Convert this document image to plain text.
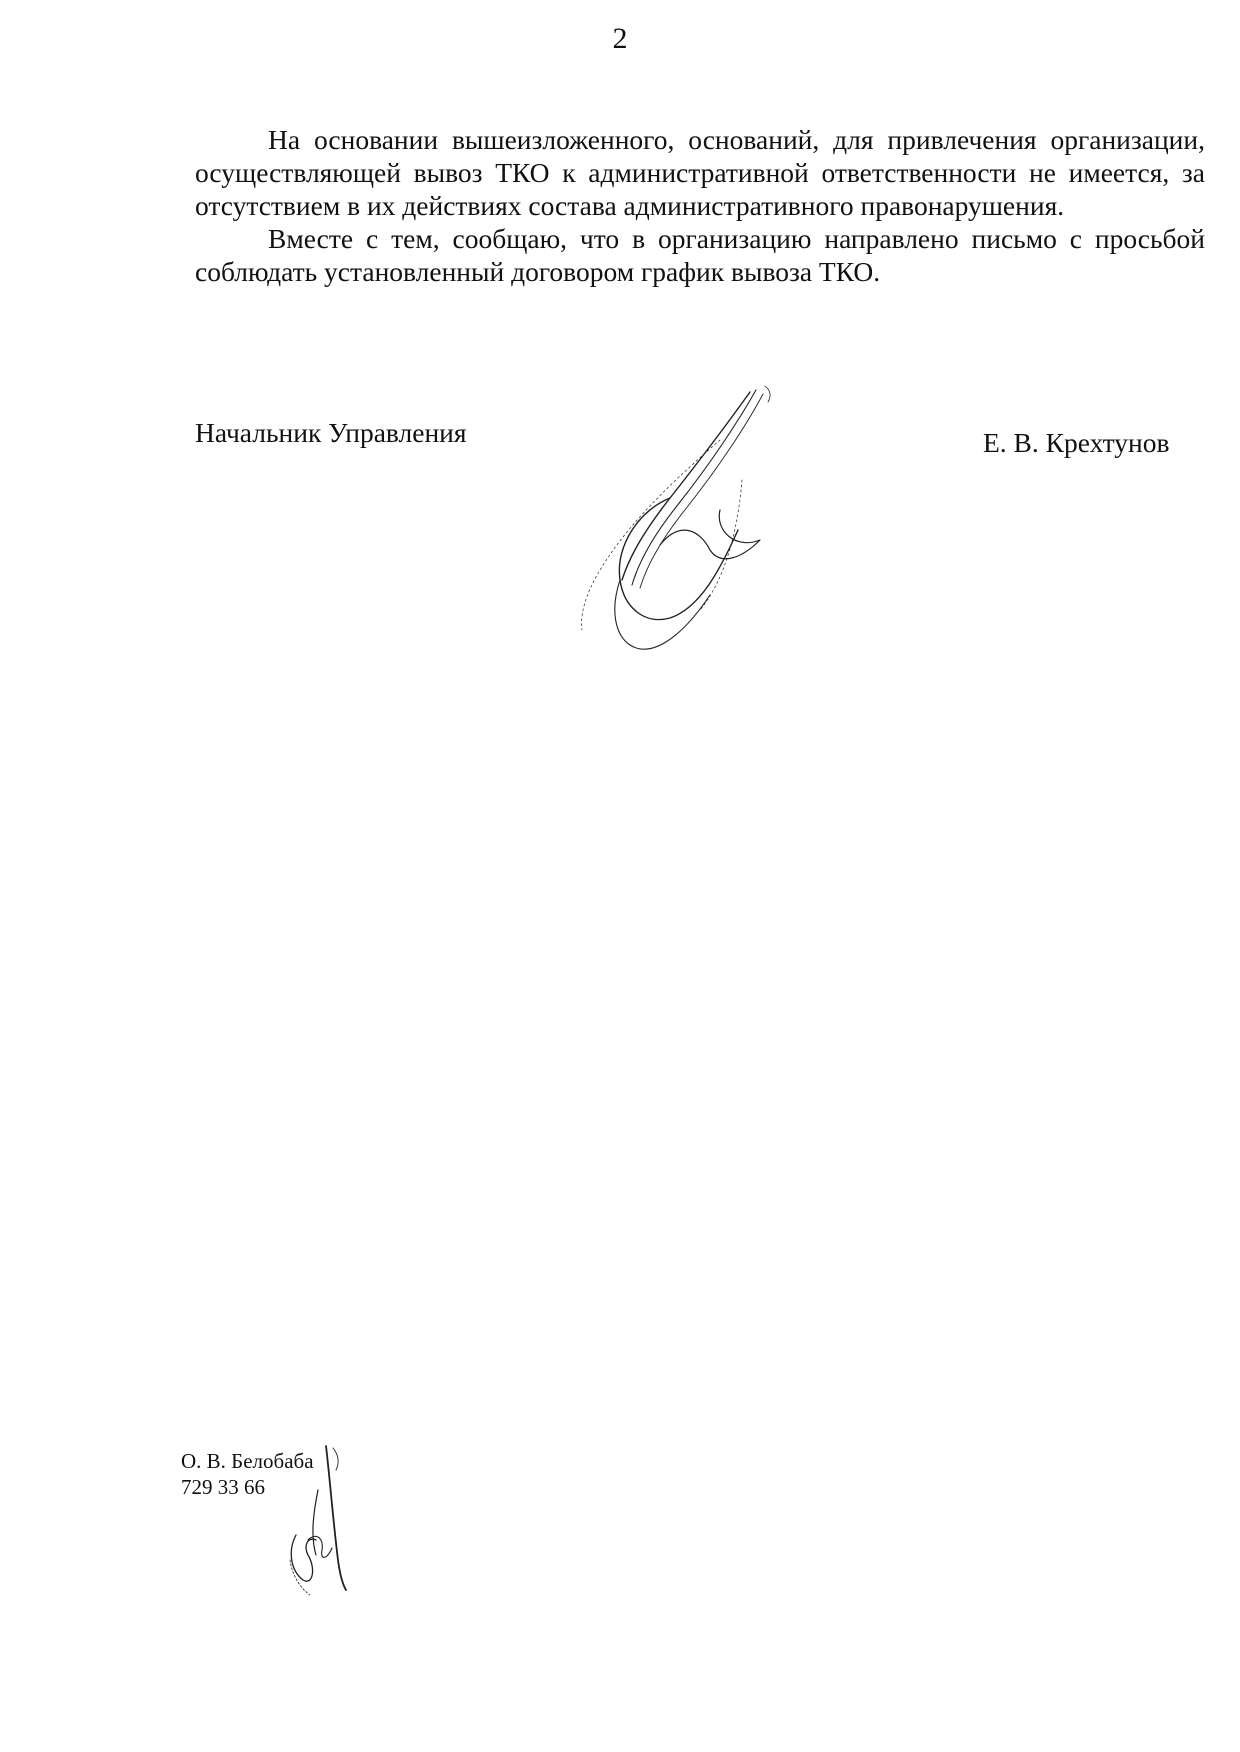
2

На основании вышеизложенного, оснований, для привлечения организации, осуществляющей вывоз ТКО к административной ответственности не имеется, за отсутствием в их действиях состава административного правонарушения.

Вместе с тем, сообщаю, что в организацию направлено письмо с просьбой соблюдать установленный договором график вывоза ТКО.

Начальник Управления	Е. В. Крехтунов
О. В. Белобаба
729 33 66
